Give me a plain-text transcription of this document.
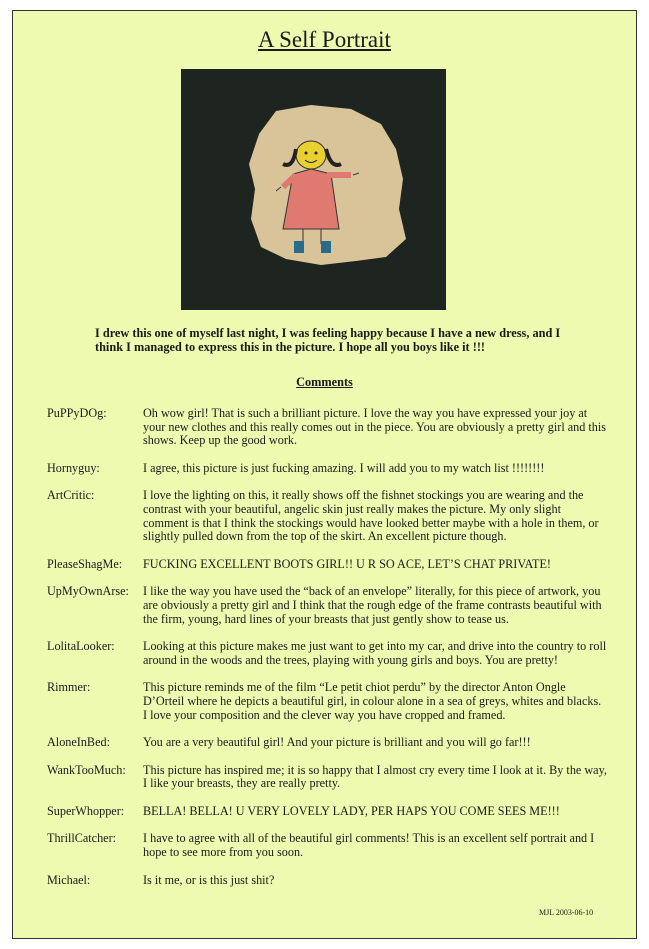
A Self Portrait

I drew this one of myself last night, I was feeling happy because I have a new dress, and I think I managed to express this in the picture. I hope all you boys like it !!!

Comments
PuPPyDOg:	Oh wow girl! That is such a brilliant picture. I love the way you have expressed your joy at your new clothes and this really comes out in the piece. You are obviously a pretty girl and this shows. Keep up the good work.
Hornyguy:	I agree, this picture is just fucking amazing. I will add you to my watch list !!!!!!!!
ArtCritic:	I love the lighting on this, it really shows off the fishnet stockings you are wearing and the contrast with your beautiful, angelic skin just really makes the picture. My only slight comment is that I think the stockings would have looked better maybe with a hole in them, or slightly pulled down from the top of the skirt. An excellent picture though.
PleaseShagMe:	FUCKING EXCELLENT BOOTS GIRL!! U R SO ACE, LET’S CHAT PRIVATE!
UpMyOwnArse:	I like the way you have used the “back of an envelope” literally, for this piece of artwork, you are obviously a pretty girl and I think that the rough edge of the frame contrasts beautiful with the firm, young, hard lines of your breasts that just gently show to tease us.
LolitaLooker:	Looking at this picture makes me just want to get into my car, and drive into the country to roll around in the woods and the trees, playing with young girls and boys. You are pretty!
Rimmer:	This picture reminds me of the film “Le petit chiot perdu” by the director Anton Ongle D’Orteil where he depicts a beautiful girl, in colour alone in a sea of greys, whites and blacks. I love your composition and the clever way you have cropped and framed.
AloneInBed:	You are a very beautiful girl! And your picture is brilliant and you will go far!!!
WankTooMuch:	This picture has inspired me; it is so happy that I almost cry every time I look at it. By the way, I like your breasts, they are really pretty.
SuperWhopper:	BELLA! BELLA! U VERY LOVELY LADY, PER HAPS YOU COME SEES ME!!!
ThrillCatcher:	I have to agree with all of the beautiful girl comments! This is an excellent self portrait and I hope to see more from you soon.
Michael:	Is it me, or is this just shit?
MJL 2003-06-10
